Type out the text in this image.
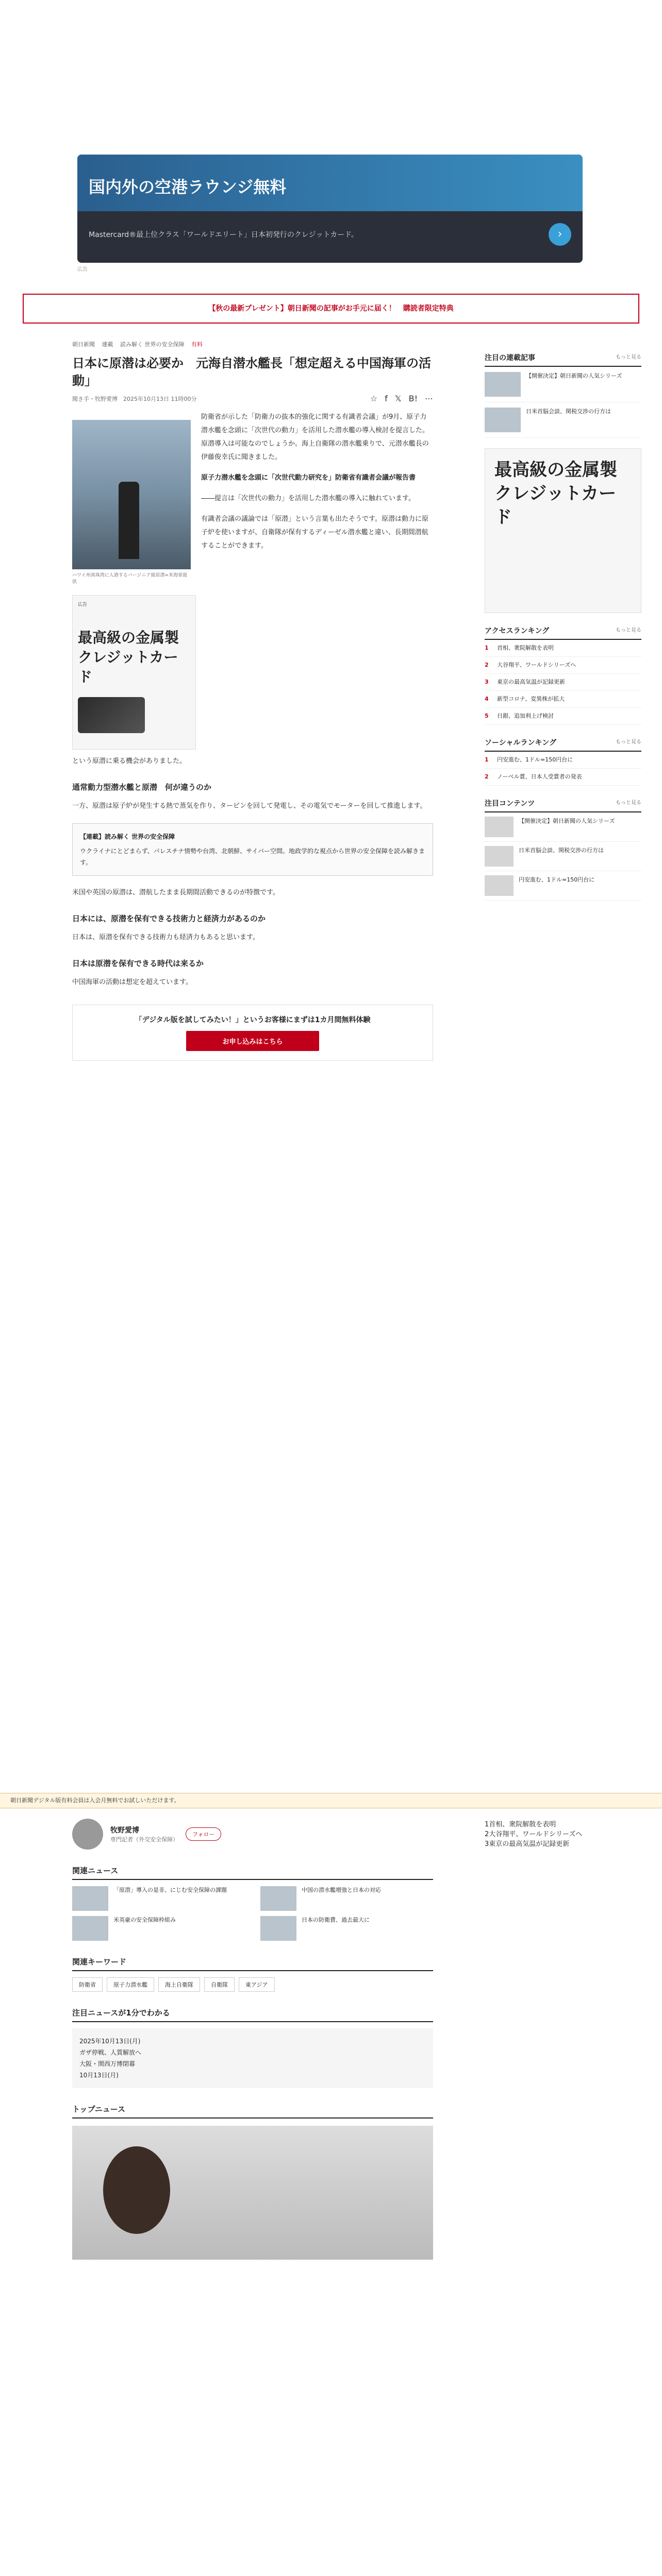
国内外の空港ラウンジ無料

Mastercard®最上位クラス「ワールドエリート」日本初発行のクレジットカード。	›
広告
【秋の最新プレゼント】朝日新聞の記事がお手元に届く！　購読者限定特典
朝日新聞 連載 読み解く 世界の安全保障 有料
日本に原潜は必要か　元海自潜水艦長「想定超える中国海軍の活動」
聞き手・牧野愛博　2025年10月13日 11時00分	☆ f 𝕏 B! ⋯
ハワイ州真珠湾に入港するバージニア級原潜=米海軍提供
広告
最高級の金属製クレジットカード

防衛省が示した「防衛力の抜本的強化に関する有識者会議」が9月、原子力潜水艦を念頭に「次世代の動力」を活用した潜水艦の導入検討を提言した。原潜導入は可能なのでしょうか。海上自衛隊の潜水艦乗りで、元潜水艦長の伊藤俊幸氏に聞きました。

原子力潜水艦を念頭に「次世代動力研究を」防衛省有識者会議が報告書

――提言は「次世代の動力」を活用した潜水艦の導入に触れています。

有識者会議の議論では「原潜」という言葉も出たそうです。原潜は動力に原子炉を使いますが、自衛隊が保有するディーゼル潜水艦と違い、長期間潜航することができます。

という原潜に乗る機会がありました。

通常動力型潜水艦と原潜　何が違うのか

一方、原潜は原子炉が発生する熱で蒸気を作り、タービンを回して発電し、その電気でモーターを回して推進します。

【連載】読み解く 世界の安全保障
ウクライナにとどまらず、パレスチナ情勢や台湾、北朝鮮、サイバー空間。地政学的な視点から世界の安全保障を読み解きます。

米国や英国の原潜は、潜航したまま長期間活動できるのが特徴です。

日本には、原潜を保有できる技術力と経済力があるのか

日本は、原潜を保有できる技術力も経済力もあると思います。

日本は原潜を保有できる時代は来るか

中国海軍の活動は想定を超えています。

「デジタル版を試してみたい！」というお客様にまずは1カ月間無料体験
お申し込みはこちら
注目の連載記事	もっと見る
【開催決定】朝日新聞の人気シリーズ
日米首脳会談、関税交渉の行方は
最高級の金属製クレジットカード
アクセスランキング	もっと見る
1	首相、衆院解散を表明
2	大谷翔平、ワールドシリーズへ
3	東京の最高気温が記録更新
4	新型コロナ、変異株が拡大
5	日銀、追加利上げ検討
ソーシャルランキング	もっと見る
1	円安進む、1ドル=150円台に
2	ノーベル賞、日本人受賞者の発表
注目コンテンツ	もっと見る
【開催決定】朝日新聞の人気シリーズ
日米首脳会談、関税交渉の行方は
円安進む、1ドル=150円台に
朝日新聞デジタル版有料会員は入会月無料でお試しいただけます。
牧野愛博
専門記者（外交安全保障）
フォロー
関連ニュース
「原潜」導入の是非、にじむ安全保障の課題	中国の潜水艦増強と日本の対応
米英豪の安全保障枠組み	日本の防衛費、過去最大に
関連キーワード
防衛省	原子力潜水艦	海上自衛隊	自衛隊	東アジア
注目ニュースが1分でわかる
2025年10月13日(月)
ガザ停戦、人質解放へ
大阪・関西万博閉幕
10月13日(月)
トップニュース
1首相、衆院解散を表明
2大谷翔平、ワールドシリーズへ
3東京の最高気温が記録更新
